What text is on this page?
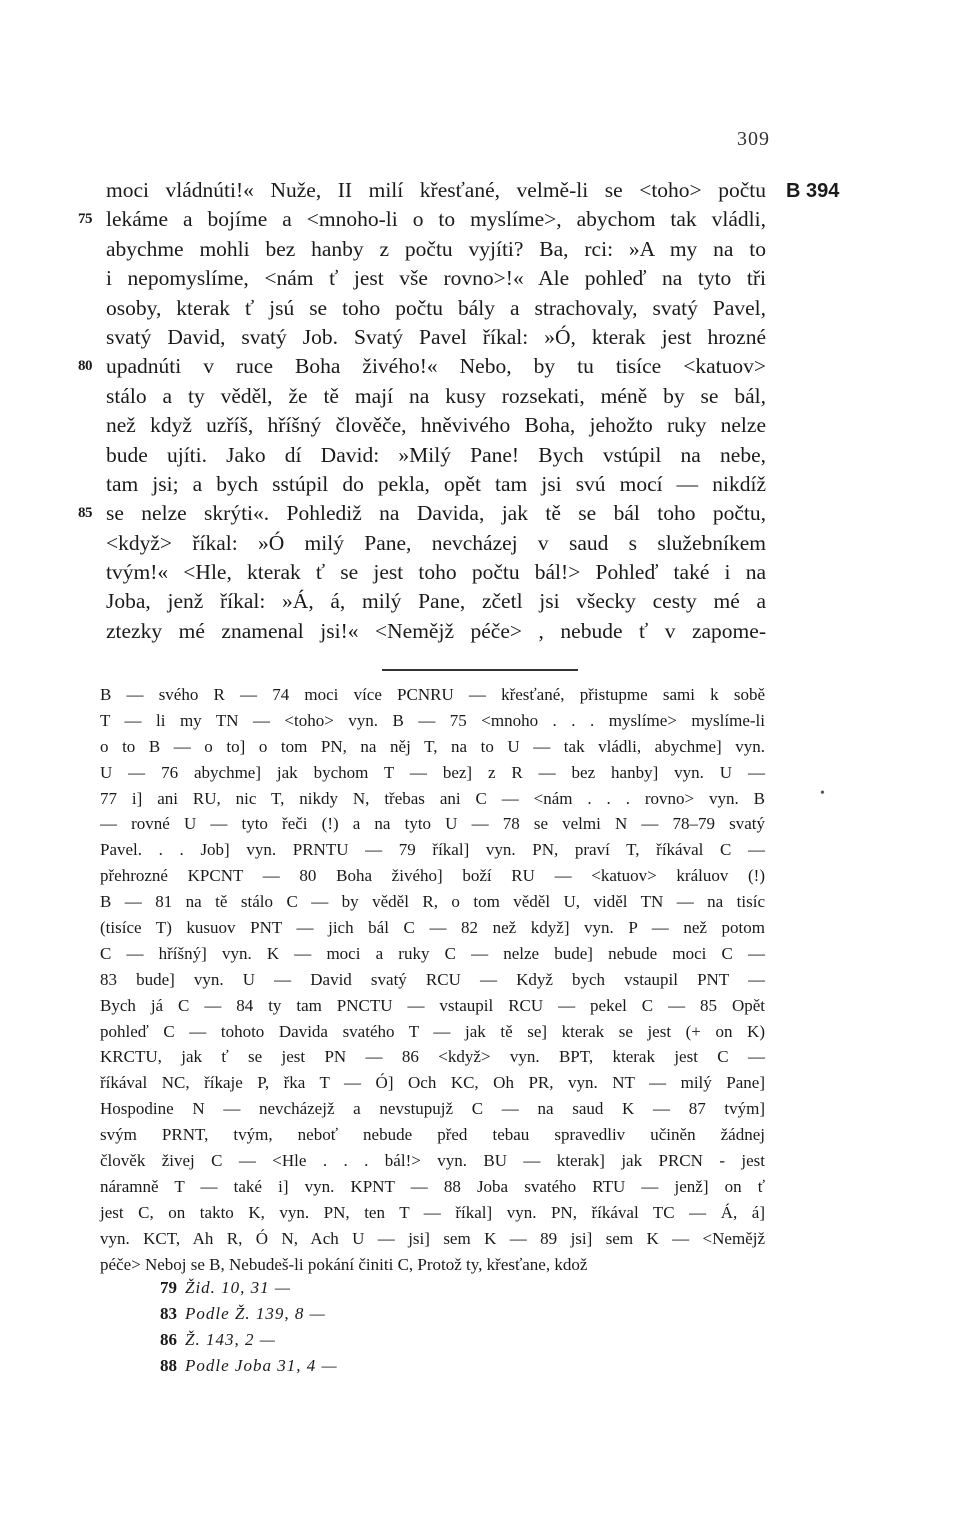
309
B 394
moci vládnúti!« Nuže, II milí křesťané, velmě-li se <toho> počtu
75 lekáme a bojíme a <mnoho-li o to myslíme>, abychom tak vládli,
abychme mohli bez hanby z počtu vyjíti? Ba, rci: »A my na to
i nepomyslíme, <nám ť jest vše rovno>!« Ale pohleď na tyto tři
osoby, kterak ť jsú se toho počtu bály a strachovaly, svatý Pavel,
svatý David, svatý Job. Svatý Pavel říkal: »Ó, kterak jest hrozné
80 upadnúti v ruce Boha živého!« Nebo, by tu tisíce <katuov>
stálo a ty věděl, že tě mají na kusy rozsekati, méně by se bál,
než když uzříš, hříšný člověče, hněvivého Boha, jehožto ruky nelze
bude ujíti. Jako dí David: »Milý Pane! Bych vstúpil na nebe,
tam jsi; a bych sstúpil do pekla, opět tam jsi svú mocí — nikdíž
85 se nelze skrýti«. Pohlediž na Davida, jak tě se bál toho počtu,
<když> říkal: »Ó milý Pane, nevcházej v saud s služebníkem
tvým!« <Hle, kterak ť se jest toho počtu bál!> Pohleď také i na
Joba, jenž říkal: »Á, á, milý Pane, zčetl jsi všecky cesty mé a
ztezky mé znamenal jsi!« <Nemějž péče> , nebude ť v zapome-
B — svého R — 74 moci více PCNRU — křesťané, přistupme sami k sobě
T — li my TN — <toho> vyn. B — 75 <mnoho . . . myslíme> myslíme-li
o to B — o to] o tom PN, na něj T, na to U — tak vládli, abychme] vyn.
U — 76 abychme] jak bychom T — bez] z R — bez hanby] vyn. U —
77 i] ani RU, nic T, nikdy N, třebas ani C — <nám . . . rovno> vyn. B
— rovné U — tyto řeči (!) a na tyto U — 78 se velmi N — 78–79 svatý
Pavel. . . Job] vyn. PRNTU — 79 říkal] vyn. PN, praví T, říkával C —
přehrozné KPCNT — 80 Boha živého] boží RU — <katuov> králuov (!)
B — 81 na tě stálo C — by věděl R, o tom věděl U, viděl TN — na tisíc
(tisíce T) kusuov PNT — jich bál C — 82 než když] vyn. P — než potom
C — hříšný] vyn. K — moci a ruky C — nelze bude] nebude moci C —
83 bude] vyn. U — David svatý RCU — Když bych vstaupil PNT —
Bych já C — 84 ty tam PNCTU — vstaupil RCU — pekel C — 85 Opět
pohleď C — tohoto Davida svatého T — jak tě se] kterak se jest (+ on K)
KRCTU, jak ť se jest PN — 86 <když> vyn. BPT, kterak jest C —
říkával NC, říkaje P, řka T — Ó] Och KC, Oh PR, vyn. NT — milý Pane]
Hospodine N — nevcházejž a nevstupujž C — na saud K — 87 tvým]
svým PRNT, tvým, neboť nebude před tebau spravedliv učiněn žádnej
člověk živej C — <Hle . . . bál!> vyn. BU — kterak] jak PRCN - jest
náramně T — také i] vyn. KPNT — 88 Joba svatého RTU — jenž] on ť
jest C, on takto K, vyn. PN, ten T — říkal] vyn. PN, říkával TC — Á, á]
vyn. KCT, Ah R, Ó N, Ach U — jsi] sem K — 89 jsi] sem K — <Nemějž
péče> Neboj se B, Nebudeš-li pokání činiti C, Protož ty, křesťane, kdož
•
79 Žid. 10, 31 —
83 Podle Ž. 139, 8 —
86 Ž. 143, 2 —
88 Podle Joba 31, 4 —
